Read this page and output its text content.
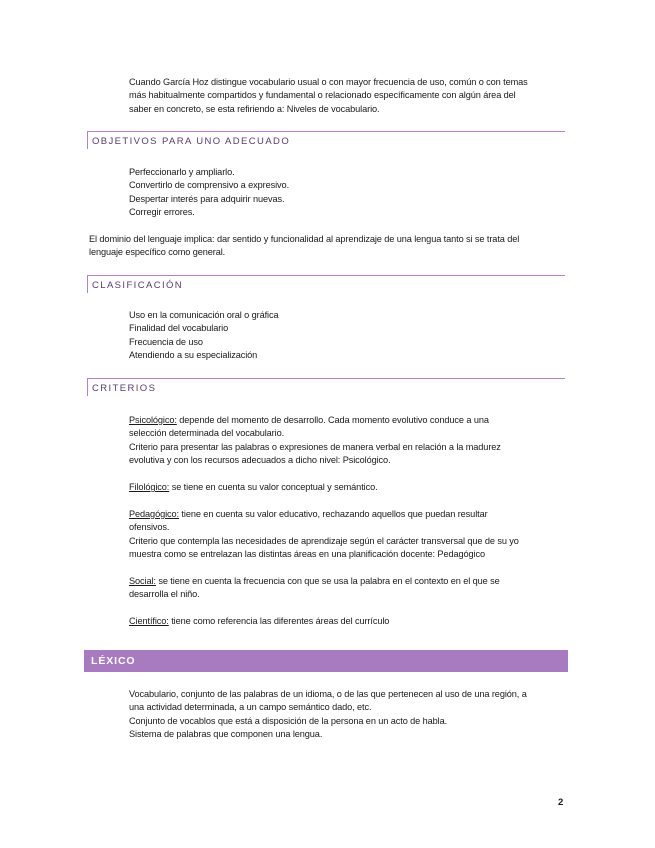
Cuando García Hoz distingue vocabulario usual o con mayor frecuencia de uso, común o con temas
más habitualmente compartidos y fundamental o relacionado específicamente con algún área del
saber en concreto, se esta refiriendo a: Niveles de vocabulario.
OBJETIVOS PARA UNO ADECUADO
Perfeccionarlo y ampliarlo.
Convertirlo de comprensivo a expresivo.
Despertar interés para adquirir nuevas.
Corregir errores.
El dominio del lenguaje implica: dar sentido y funcionalidad al aprendizaje de una lengua tanto si se trata del
lenguaje específico como general.
CLASIFICACIÓN
Uso en la comunicación oral o gráfica
Finalidad del vocabulario
Frecuencia de uso
Atendiendo a su especialización
CRITERIOS
Psicológico: depende del momento de desarrollo. Cada momento evolutivo conduce a una
selección determinada del vocabulario.
Criterio para presentar las palabras o expresiones de manera verbal en relación a la madurez
evolutiva y con los recursos adecuados a dicho nivel: Psicológico.
Filológico: se tiene en cuenta su valor conceptual y semántico.
Pedagógico: tiene en cuenta su valor educativo, rechazando aquellos que puedan resultar
ofensivos.
Criterio que contempla las necesidades de aprendizaje según el carácter transversal que de su yo
muestra como se entrelazan las distintas áreas en una planificación docente: Pedagógico
Social: se tiene en cuenta la frecuencia con que se usa la palabra en el contexto en el que se
desarrolla el niño.
Científico: tiene como referencia las diferentes áreas del currículo
LÉXICO
Vocabulario, conjunto de las palabras de un idioma, o de las que pertenecen al uso de una región, a
una actividad determinada, a un campo semántico dado, etc.
Conjunto de vocablos que está a disposición de la persona en un acto de habla.
Sistema de palabras que componen una lengua.
2
